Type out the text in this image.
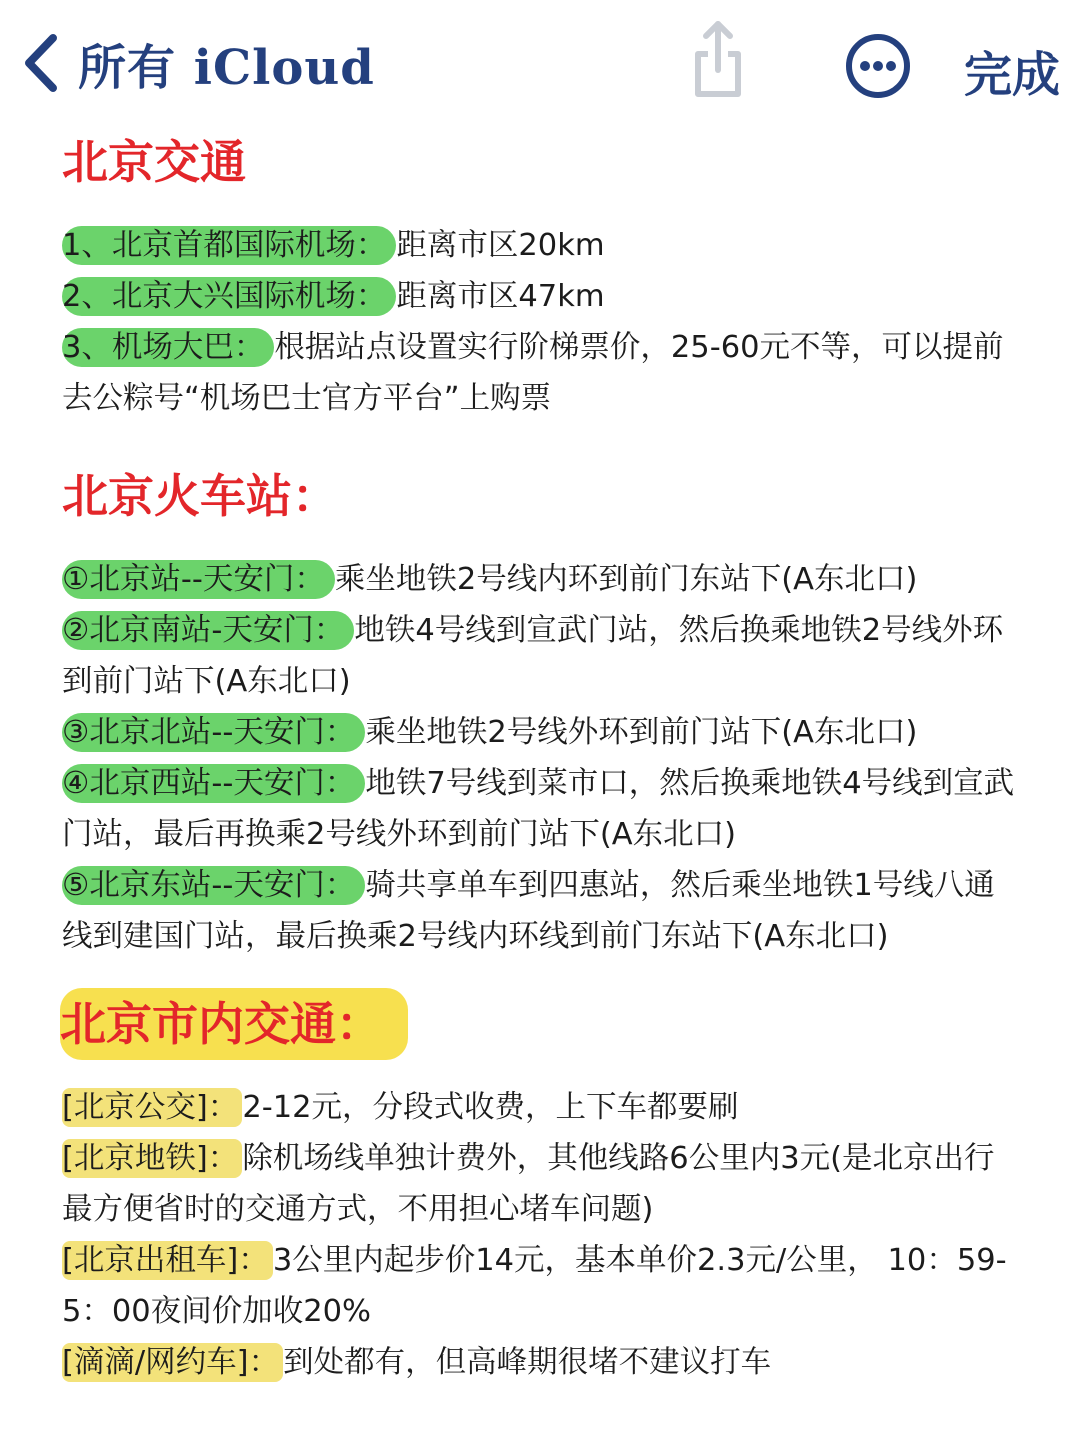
所有 iCloud	完成
北京交通
1、北京首都国际机场： 距离市区20km
2、北京大兴国际机场： 距离市区47km
3、机场大巴： 根据站点设置实行阶梯票价，25-60元不等，可以提前去公粽号“机场巴士官方平台”上购票
北京火车站：
①北京站--天安门： 乘坐地铁2号线内环到前门东站下(A东北口)
②北京南站-天安门： 地铁4号线到宣武门站，然后换乘地铁2号线外环到前门站下(A东北口)
③北京北站--天安门： 乘坐地铁2号线外环到前门站下(A东北口)
④北京西站--天安门： 地铁7号线到菜市口，然后换乘地铁4号线到宣武门站，最后再换乘2号线外环到前门站下(A东北口)
⑤北京东站--天安门： 骑共享单车到四惠站，然后乘坐地铁1号线八通线到建国门站，最后换乘2号线内环线到前门东站下(A东北口)
北京市内交通：
[北京公交]： 2-12元，分段式收费，上下车都要刷
[北京地铁]： 除机场线单独计费外，其他线路6公里内3元(是北京出行最方便省时的交通方式，不用担心堵车问题)
[北京出租车]： 3公里内起步价14元，基本单价2.3元/公里， 10：59-5：00夜间价加收20%
[滴滴/网约车]： 到处都有，但高峰期很堵不建议打车
